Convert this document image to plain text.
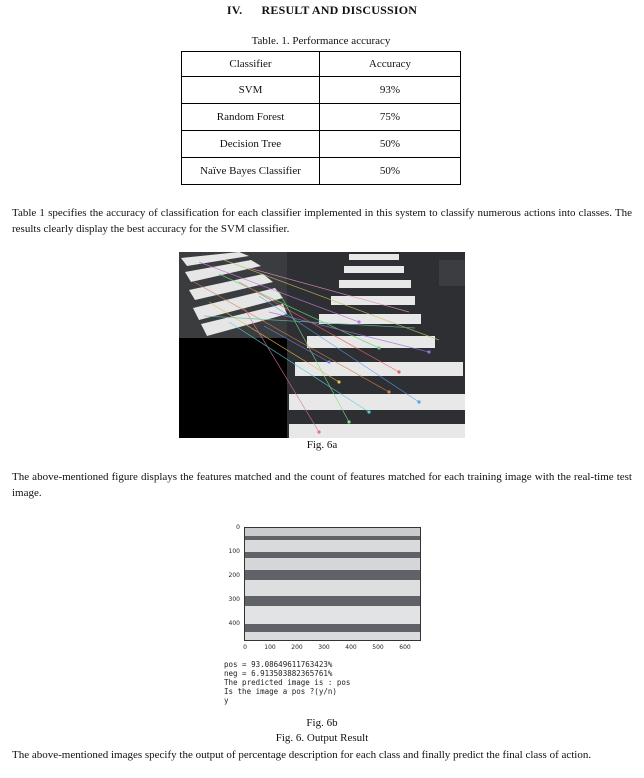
IV.      RESULT AND DISCUSSION
Table. 1. Performance accuracy
Classifier	Accuracy
SVM	93%
Random Forest	75%
Decision Tree	50%
Naïve Bayes Classifier	50%
Table 1 specifies the accuracy of classification for each classifier implemented in this system to classify numerous actions into classes. The results clearly display the best accuracy for the SVM classifier.
Fig. 6a
The above-mentioned figure displays the features matched and the count of features matched for each training image with the real-time test image.
0
100
200
300
400
0	100	200	300	400	500	600
pos = 93.08649611763423%
neg = 6.913503882365761%
The predicted image is : pos
Is the image a pos ?(y/n)
y
Fig. 6b
Fig. 6. Output Result
The above-mentioned images specify the output of percentage description for each class and finally predict the final class of action.
